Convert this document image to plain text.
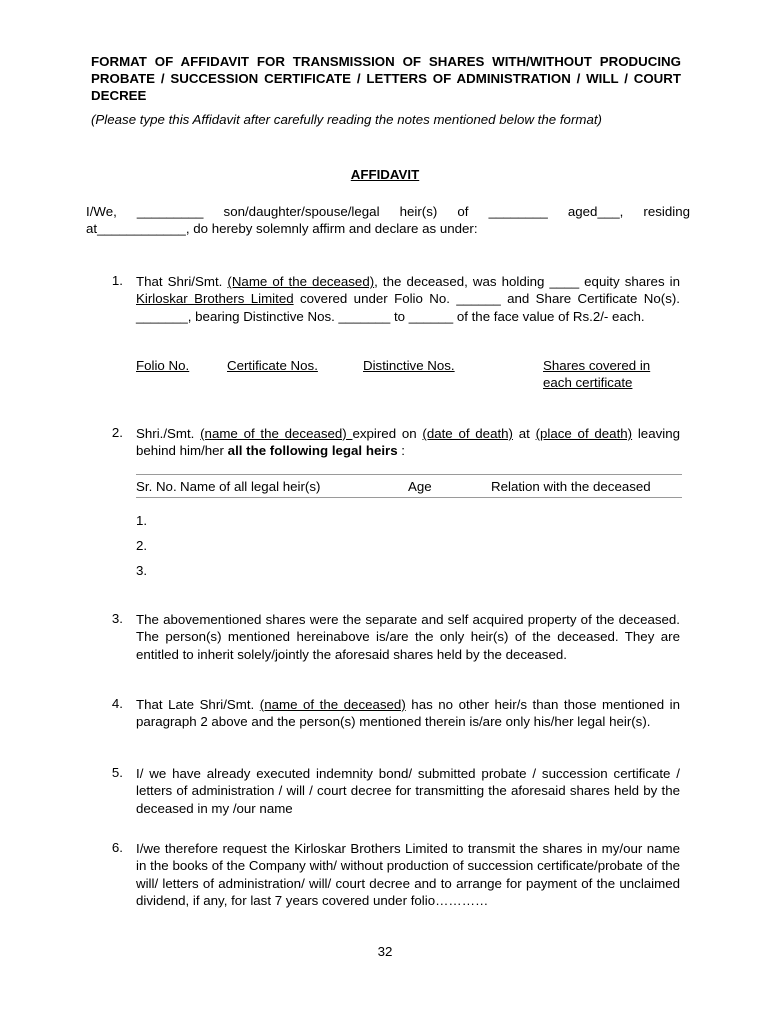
FORMAT OF AFFIDAVIT FOR TRANSMISSION OF SHARES WITH/WITHOUT PRODUCING PROBATE / SUCCESSION CERTIFICATE / LETTERS OF ADMINISTRATION / WILL / COURT DECREE
(Please type this Affidavit after carefully reading the notes mentioned below the format)
AFFIDAVIT
I/We, _________ son/daughter/spouse/legal heir(s) of ________ aged___, residing
at____________, do hereby solemnly affirm and declare as under:
1. That Shri/Smt. (Name of the deceased), the deceased, was holding ____ equity shares in Kirloskar Brothers Limited covered under Folio No. ______ and Share Certificate No(s). _______, bearing Distinctive Nos. _______ to ______ of the face value of Rs.2/- each.
Folio No.	Certificate Nos.	Distinctive Nos.	Shares covered in
each certificate
2. Shri./Smt. (name of the deceased) expired on (date of death) at (place of death) leaving behind him/her all the following legal heirs :
Sr. No. Name of all legal heir(s)	Age	Relation with the deceased
1.
2.
3.
3. The abovementioned shares were the separate and self acquired property of the deceased. The person(s) mentioned hereinabove is/are the only heir(s) of the deceased. They are entitled to inherit solely/jointly the aforesaid shares held by the deceased.
4. That Late Shri/Smt. (name of the deceased) has no other heir/s than those mentioned in paragraph 2 above and the person(s) mentioned therein is/are only his/her legal heir(s).
5. I/ we have already executed indemnity bond/ submitted probate / succession certificate / letters of administration / will / court decree for transmitting the aforesaid shares held by the deceased in my /our name
6. I/we therefore request the Kirloskar Brothers Limited to transmit the shares in my/our name in the books of the Company with/ without production of succession certificate/probate of the will/ letters of administration/ will/ court decree and to arrange for payment of the unclaimed dividend, if any, for last 7 years covered under folio…………
32
